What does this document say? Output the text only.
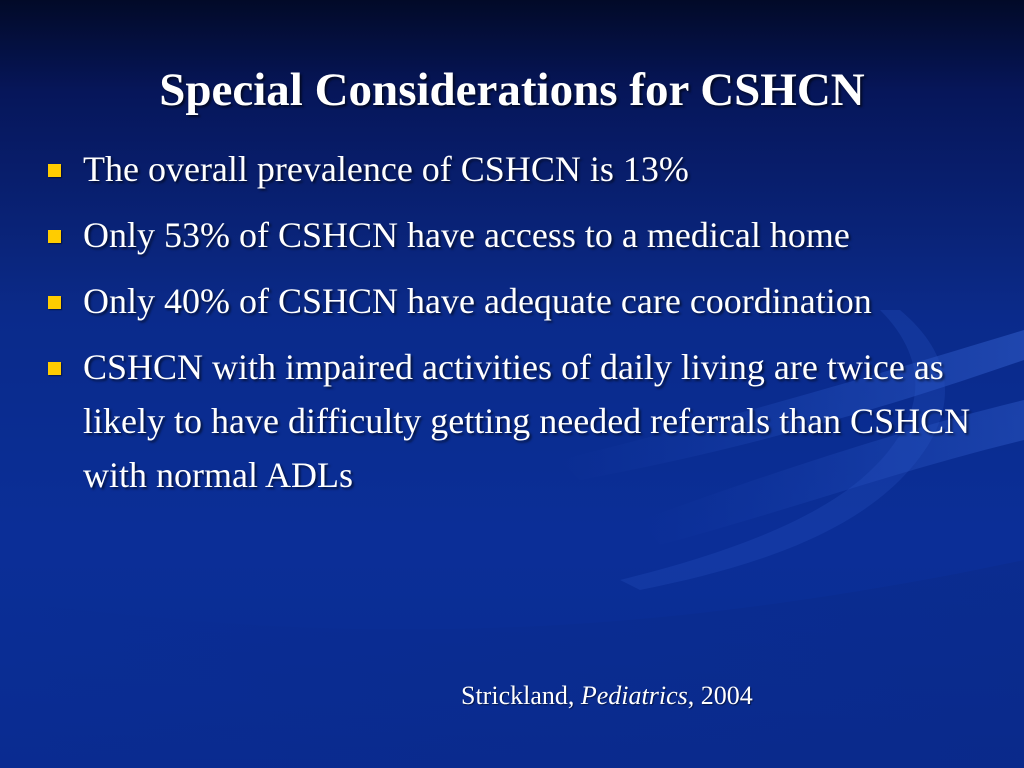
Special Considerations for CSHCN
The overall prevalence of CSHCN is 13%
Only 53% of CSHCN have access to a medical home
Only 40% of CSHCN have adequate care coordination
CSHCN with impaired activities of daily living are twice as likely to have difficulty getting needed referrals than CSHCN with normal ADLs
Strickland, Pediatrics, 2004
